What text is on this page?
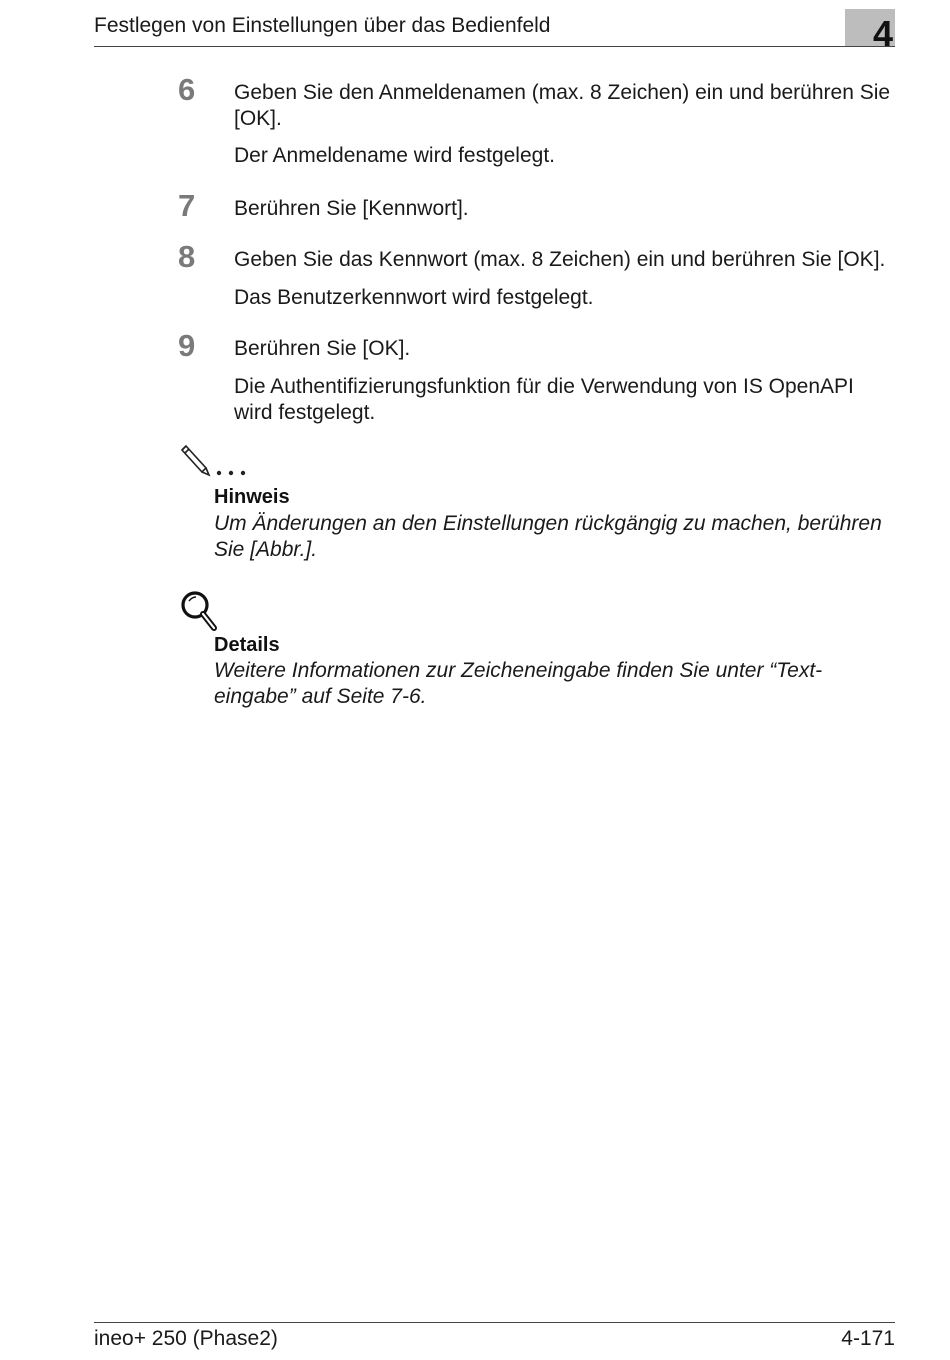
Festlegen von Einstellungen über das Bedienfeld	4
6 Geben Sie den Anmeldenamen (max. 8 Zeichen) ein und berühren Sie [OK].
Der Anmeldename wird festgelegt.
7 Berühren Sie [Kennwort].
8 Geben Sie das Kennwort (max. 8 Zeichen) ein und berühren Sie [OK].
Das Benutzerkennwort wird festgelegt.
9 Berühren Sie [OK].
Die Authentifizierungsfunktion für die Verwendung von IS OpenAPI wird festgelegt.
Hinweis
Um Änderungen an den Einstellungen rückgängig zu machen, berühren Sie [Abbr.].
Details
Weitere Informationen zur Zeicheneingabe finden Sie unter “Text-eingabe” auf Seite 7-6.
ineo+ 250 (Phase2)	4-171
